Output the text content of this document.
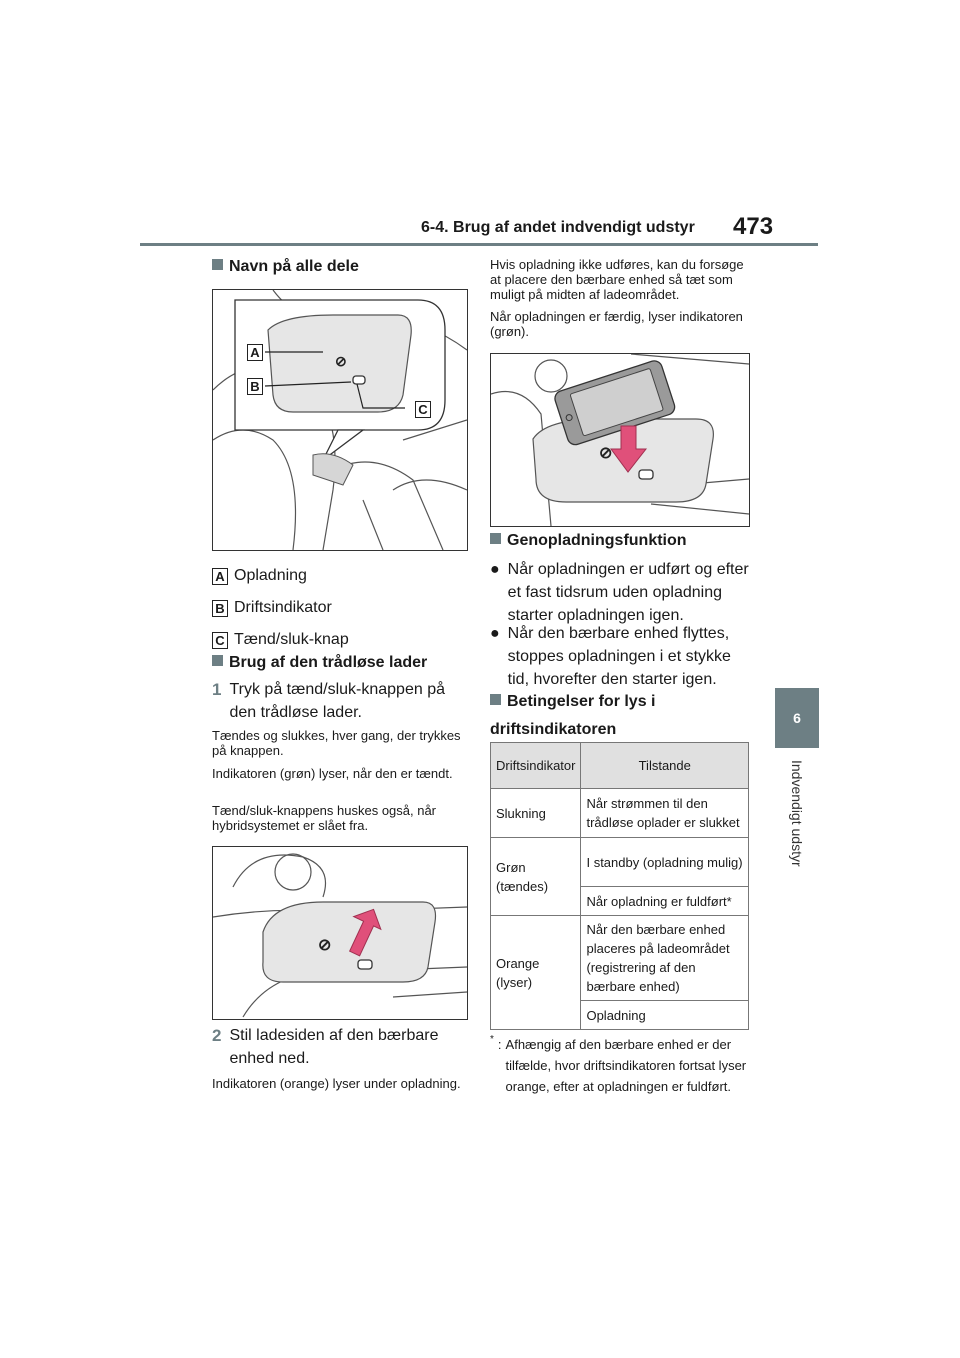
6-4. Brug af andet indvendigt udstyr 473
6
Indvendigt udstyr
Navn på alle dele
⊘
A
B
C
A Opladning
B Driftsindikator
C Tænd/sluk-knap
Brug af den trådløse lader
1 Tryk på tænd/sluk-knappen på den trådløse lader.
Tændes og slukkes, hver gang, der trykkes på knappen.
Indikatoren (grøn) lyser, når den er tændt.
Tænd/sluk-knappens huskes også, når hybridsystemet er slået fra.
⊘
2 Stil ladesiden af den bærbare enhed ned.
Indikatoren (orange) lyser under opladning.
Hvis opladning ikke udføres, kan du forsøge at placere den bærbare enhed så tæt som muligt på midten af ladeområdet.
Når opladningen er færdig, lyser indikatoren (grøn).
⊘
Genopladningsfunktion
● Når opladningen er udført og efter et fast tidsrum uden opladning starter opladningen igen.
● Når den bærbare enhed flyttes, stoppes opladningen i et stykke tid, hvorefter den starter igen.
Betingelser for lys i driftsindikatoren
Driftsindikator	Tilstande
Slukning	Når strømmen til den trådløse oplader er slukket
Grøn (tændes)	I standby (opladning mulig)
	Når opladning er fuldført*
Orange (lyser)	Når den bærbare enhed placeres på ladeområdet (registrering af den bærbare enhed)
	Opladning
* : Afhængig af den bærbare enhed er der tilfælde, hvor driftsindikatoren fortsat lyser orange, efter at opladningen er fuldført.
